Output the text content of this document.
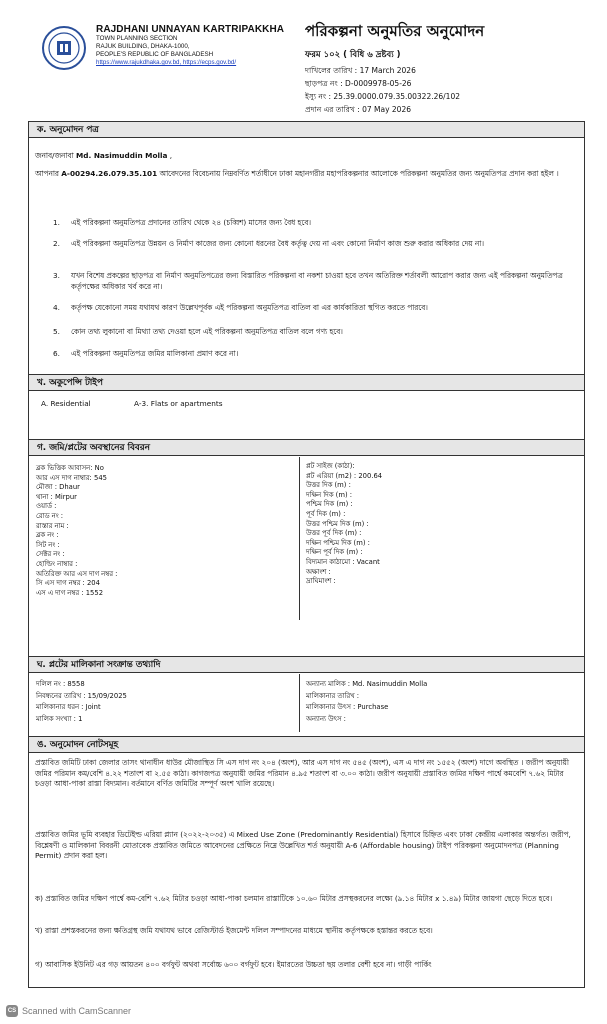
RAJDHANI UNNAYAN KARTRIPAKKHA
TOWN PLANNING SECTION
RAJUK BUILDING, DHAKA-1000,
PEOPLE'S REPUBLIC OF BANGLADESH
https://www.rajukdhaka.gov.bd, https://ecps.gov.bd/
পরিকল্পনা অনুমতির অনুমোদন
ফরম ১০২ ( বিধি ৬ দ্রষ্টব্য )
দাখিলের তারিখ : 17 March 2026
ছাড়পত্র নং : D-0009978-05-26
ইস্যু নং : 25.39.0000.079.35.00322.26/102
প্রদান এর তারিখ : 07 May 2026
ক. অনুমোদন পত্র
জনাব/জনাবা Md. Nasimuddin Molla ,
আপনার A-00294.26.079.35.101 আবেদনের বিবেচনায় নিম্নবর্ণিত শর্তাধীনে ঢাকা মহানগরীর মহাপরিকল্পনার আলোকে পরিকল্পনা অনুমতির জন্য অনুমতিপত্র প্রদান করা হইল ।
1. এই পরিকল্পনা অনুমতিপত্র প্রদানের তারিখ থেকে ২৪ (চব্বিশ) মাসের জন্য বৈধ হবে।
2. এই পরিকল্পনা অনুমতিপত্র উন্নয়ন ও নির্মাণ কাজের জন্য কোনো ধরনের বৈধ কর্তৃত্ব দেয় না এবং কোনো নির্মাণ কাজ শুরু করার অধিকার দেয় না।
3. যখন বিশেষ প্রকল্পের ছাড়পত্র বা নির্মাণ অনুমতিপত্রের জন্য বিস্তারিত পরিকল্পনা বা নকশা চাওয়া হবে তখন অতিরিক্ত শর্তাবলী আরোপ করার জন্য এই পরিকল্পনা অনুমতিপত্র কর্তৃপক্ষের অধিকার খর্ব করে না।
4. কর্তৃপক্ষ যেকোনো সময় যথাযথ কারণ উল্লেখপূর্বক এই পরিকল্পনা অনুমতিপত্র বাতিল বা এর কার্যকারিতা স্থগিত করতে পারবে।
5. কোন তথ্য লুকানো বা মিথ্যা তথ্য দেওয়া হলে এই পরিকল্পনা অনুমতিপত্র বাতিল বলে গণ্য হবে।
6. এই পরিকল্পনা অনুমতিপত্র জমির মালিকানা প্রমাণ করে না।
খ. অকুপেন্সি টাইপ
A. Residential	A-3. Flats or apartments
গ. জমি/প্লটের অবস্থানের বিবরন
ব্লক ভিত্তিক আবাসন: No
আর এস দাগ নাম্বার: 545
মৌজা : Dhaur
থানা : Mirpur
ওয়ার্ড :
রোড নং :
রাস্তার নাম :
ব্লক নং :
সিট নং :
সেক্টর নং :
হোল্ডিং নাম্বার :
অতিরিক্ত আর এস দাগ নম্বর :
সি এস দাগ নম্বর : 204
এস এ দাগ নম্বর : 1552
প্লট সাইজ (কাঠা):
প্লট এরিয়া (m2) : 200.64
উত্তর দিক (m) :
দক্ষিন দিক (m) :
পশ্চিম দিক (m) :
পূর্ব দিক (m) :
উত্তর পশ্চিম দিক (m) :
উত্তর পূর্ব দিক (m) :
দক্ষিন পশ্চিম দিক (m) :
দক্ষিন পূর্ব দিক (m) :
বিদ্যমান কাঠামো : Vacant
অক্ষাংশ :
দ্রাঘিমাংশ :
ঘ. প্লটের মালিকানা সংক্রান্ত তথ্যাদি
দলিল নং : 8558
নিবন্ধনের তারিখ : 15/09/2025
মালিকানার ধরন : Joint
মালিক সংখ্যা : 1
অন্যান্য মালিক : Md. Nasimuddin Molla
মালিকানার তারিখ :
মালিকানার উৎস : Purchase
অন্যান্য উৎস :
ঙ. অনুমোদন নোটসমূহ
প্রস্তাবিত জমিটি ঢাকা জেলার তাসং থানাধীন ধাউর মৌজাস্থিত সি এস দাগ নং ২০৪ (অংশ), আর এস দাগ নং ৫৪৫ (অংশ), এস এ দাগ নং ১৫৫২ (অংশ) দাগে অবস্থিত । জরীপ অনুযায়ী জমির পরিমান কম/বেশি ৪.২২ শতাংশ বা ২.৫৫ কাঠা। কাগজপত্র অনুযায়ী জমির পরিমান ৪.৯৫ শতাংশ বা ৩.০০ কাঠা। জরীপ অনুযায়ী প্রস্তাবিত জমির দক্ষিণ পার্শ্বে কমবেশি ৭.৬২ মিটার চওড়া আধা-পাকা রাস্তা বিদ্যমান। বর্তমানে বর্ণিত জমিটির সম্পূর্ণ অংশ খালি রয়েছে।
প্রস্তাবিত জমির ভূমি ব্যবহার ডিটেইল্ড এরিয়া প্ল্যান (২০২২-২০৩৫) এ Mixed Use Zone (Predominantly Residential) হিসাবে চিহ্নিত এবং ঢাকা কেন্দ্রীয় এলাকার অন্তর্গত। জরীপ, বিশ্লেষণী ও মালিকানা বিবরনী মোতাবেক প্রস্তাবিত জমিতে আবেদনের প্রেক্ষিতে নিম্নে উল্লেখিত শর্ত অনুযায়ী A-6 (Affordable housing) টাইপ পরিকল্পনা অনুমোদনপত্র (Planning Permit) প্রদান করা হল।
ক) প্রস্তাবিত জমির দক্ষিণ পার্শ্বে কম-বেশি ৭.৬২ মিটার চওড়া আধা-পাকা চলমান রাস্তাটিকে ১০.৬০ মিটার প্রসস্থকরনের লক্ষ্যে (৯.১৪ মিটার x ১.৪৯) মিটার জায়গা ছেড়ে দিতে হবে।
খ) রাস্তা প্রশস্তকরনের জন্য ক্ষতিগ্রস্থ জমি যথাযথ ভাবে রেজিস্টার্ড ইজমেন্ট দলিল সম্পাদনের মাধ্যমে স্থানীয় কর্তৃপক্ষকে হস্তান্তর করতে হবে।
গ) আবাসিক ইউনিট এর গড় আয়তন ৪০০ বর্গফুট অথবা সর্বোচ্চ ৬০০ বর্গফুট হবে। ইমারতের উচ্চতা ছয় তলার বেশী হবে না। গাড়ী পার্কিং
CS Scanned with CamScanner
